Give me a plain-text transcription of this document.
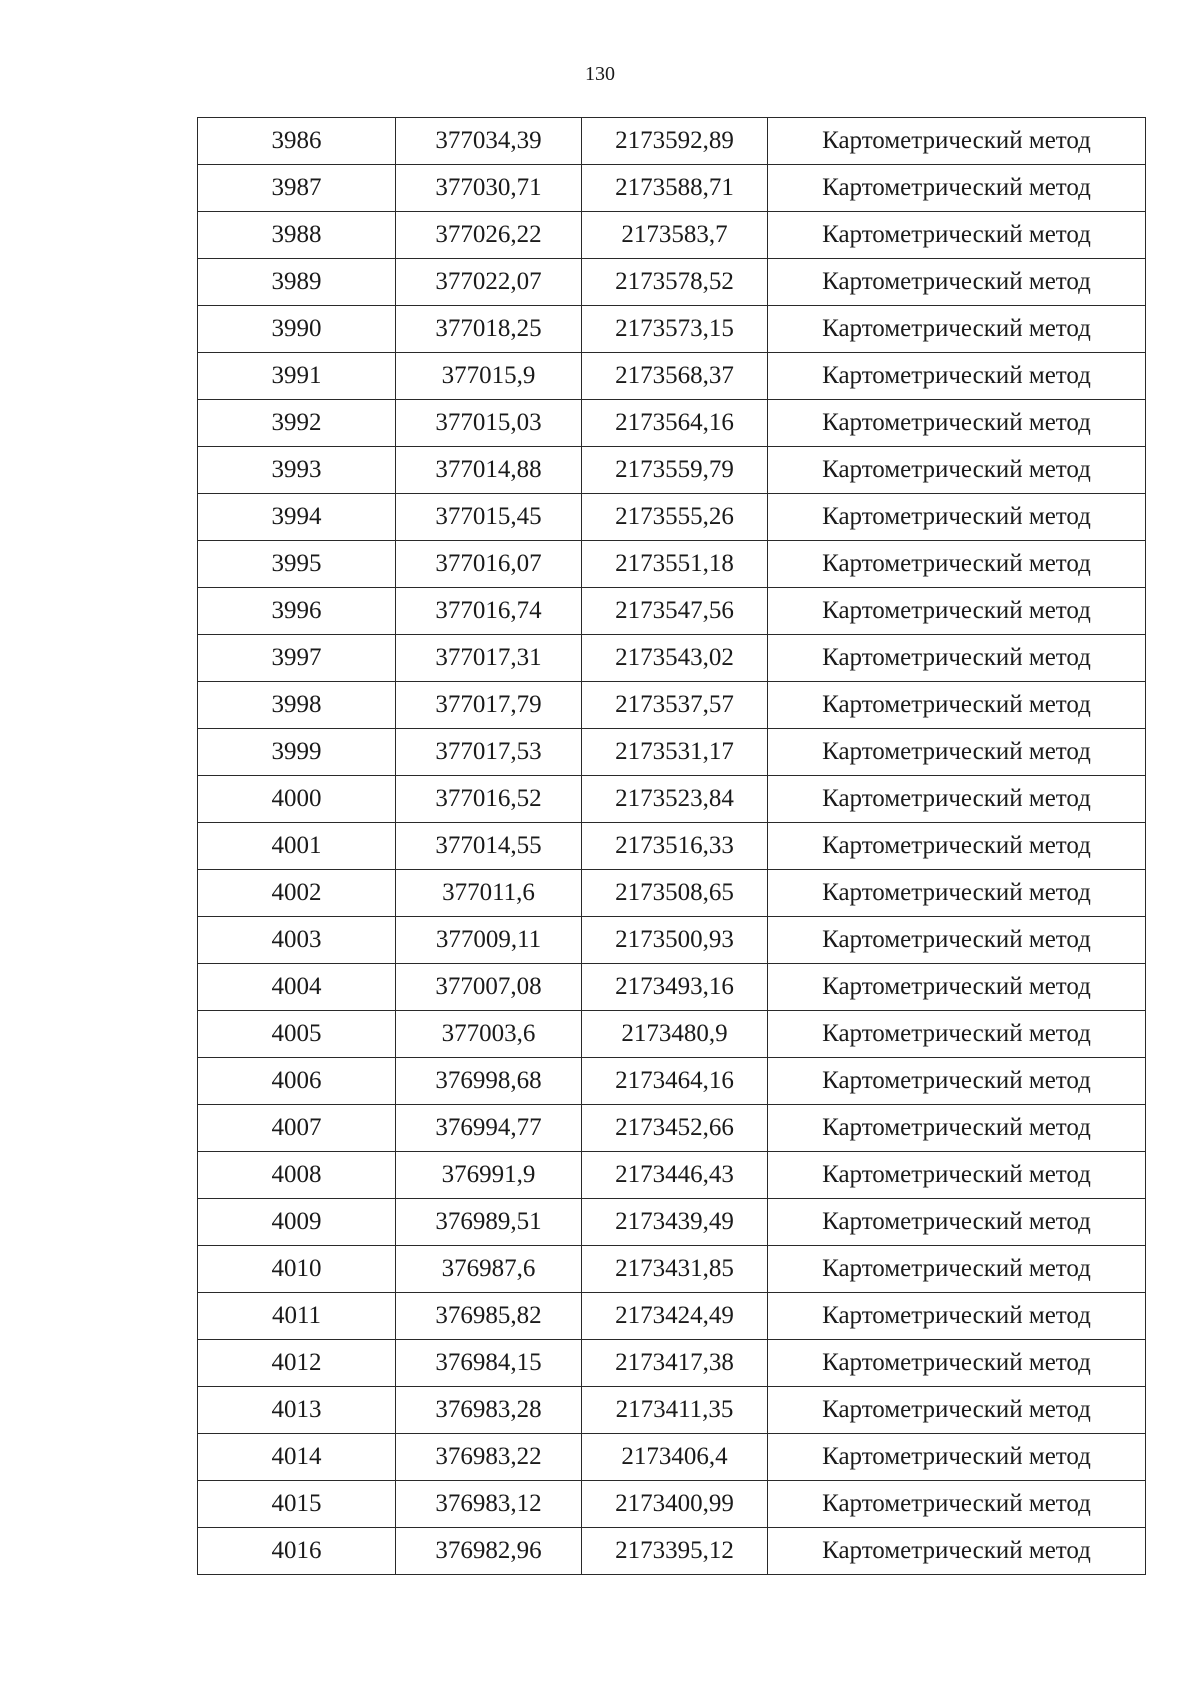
130
3986	377034,39	2173592,89	Картометрический метод
3987	377030,71	2173588,71	Картометрический метод
3988	377026,22	2173583,7	Картометрический метод
3989	377022,07	2173578,52	Картометрический метод
3990	377018,25	2173573,15	Картометрический метод
3991	377015,9	2173568,37	Картометрический метод
3992	377015,03	2173564,16	Картометрический метод
3993	377014,88	2173559,79	Картометрический метод
3994	377015,45	2173555,26	Картометрический метод
3995	377016,07	2173551,18	Картометрический метод
3996	377016,74	2173547,56	Картометрический метод
3997	377017,31	2173543,02	Картометрический метод
3998	377017,79	2173537,57	Картометрический метод
3999	377017,53	2173531,17	Картометрический метод
4000	377016,52	2173523,84	Картометрический метод
4001	377014,55	2173516,33	Картометрический метод
4002	377011,6	2173508,65	Картометрический метод
4003	377009,11	2173500,93	Картометрический метод
4004	377007,08	2173493,16	Картометрический метод
4005	377003,6	2173480,9	Картометрический метод
4006	376998,68	2173464,16	Картометрический метод
4007	376994,77	2173452,66	Картометрический метод
4008	376991,9	2173446,43	Картометрический метод
4009	376989,51	2173439,49	Картометрический метод
4010	376987,6	2173431,85	Картометрический метод
4011	376985,82	2173424,49	Картометрический метод
4012	376984,15	2173417,38	Картометрический метод
4013	376983,28	2173411,35	Картометрический метод
4014	376983,22	2173406,4	Картометрический метод
4015	376983,12	2173400,99	Картометрический метод
4016	376982,96	2173395,12	Картометрический метод
